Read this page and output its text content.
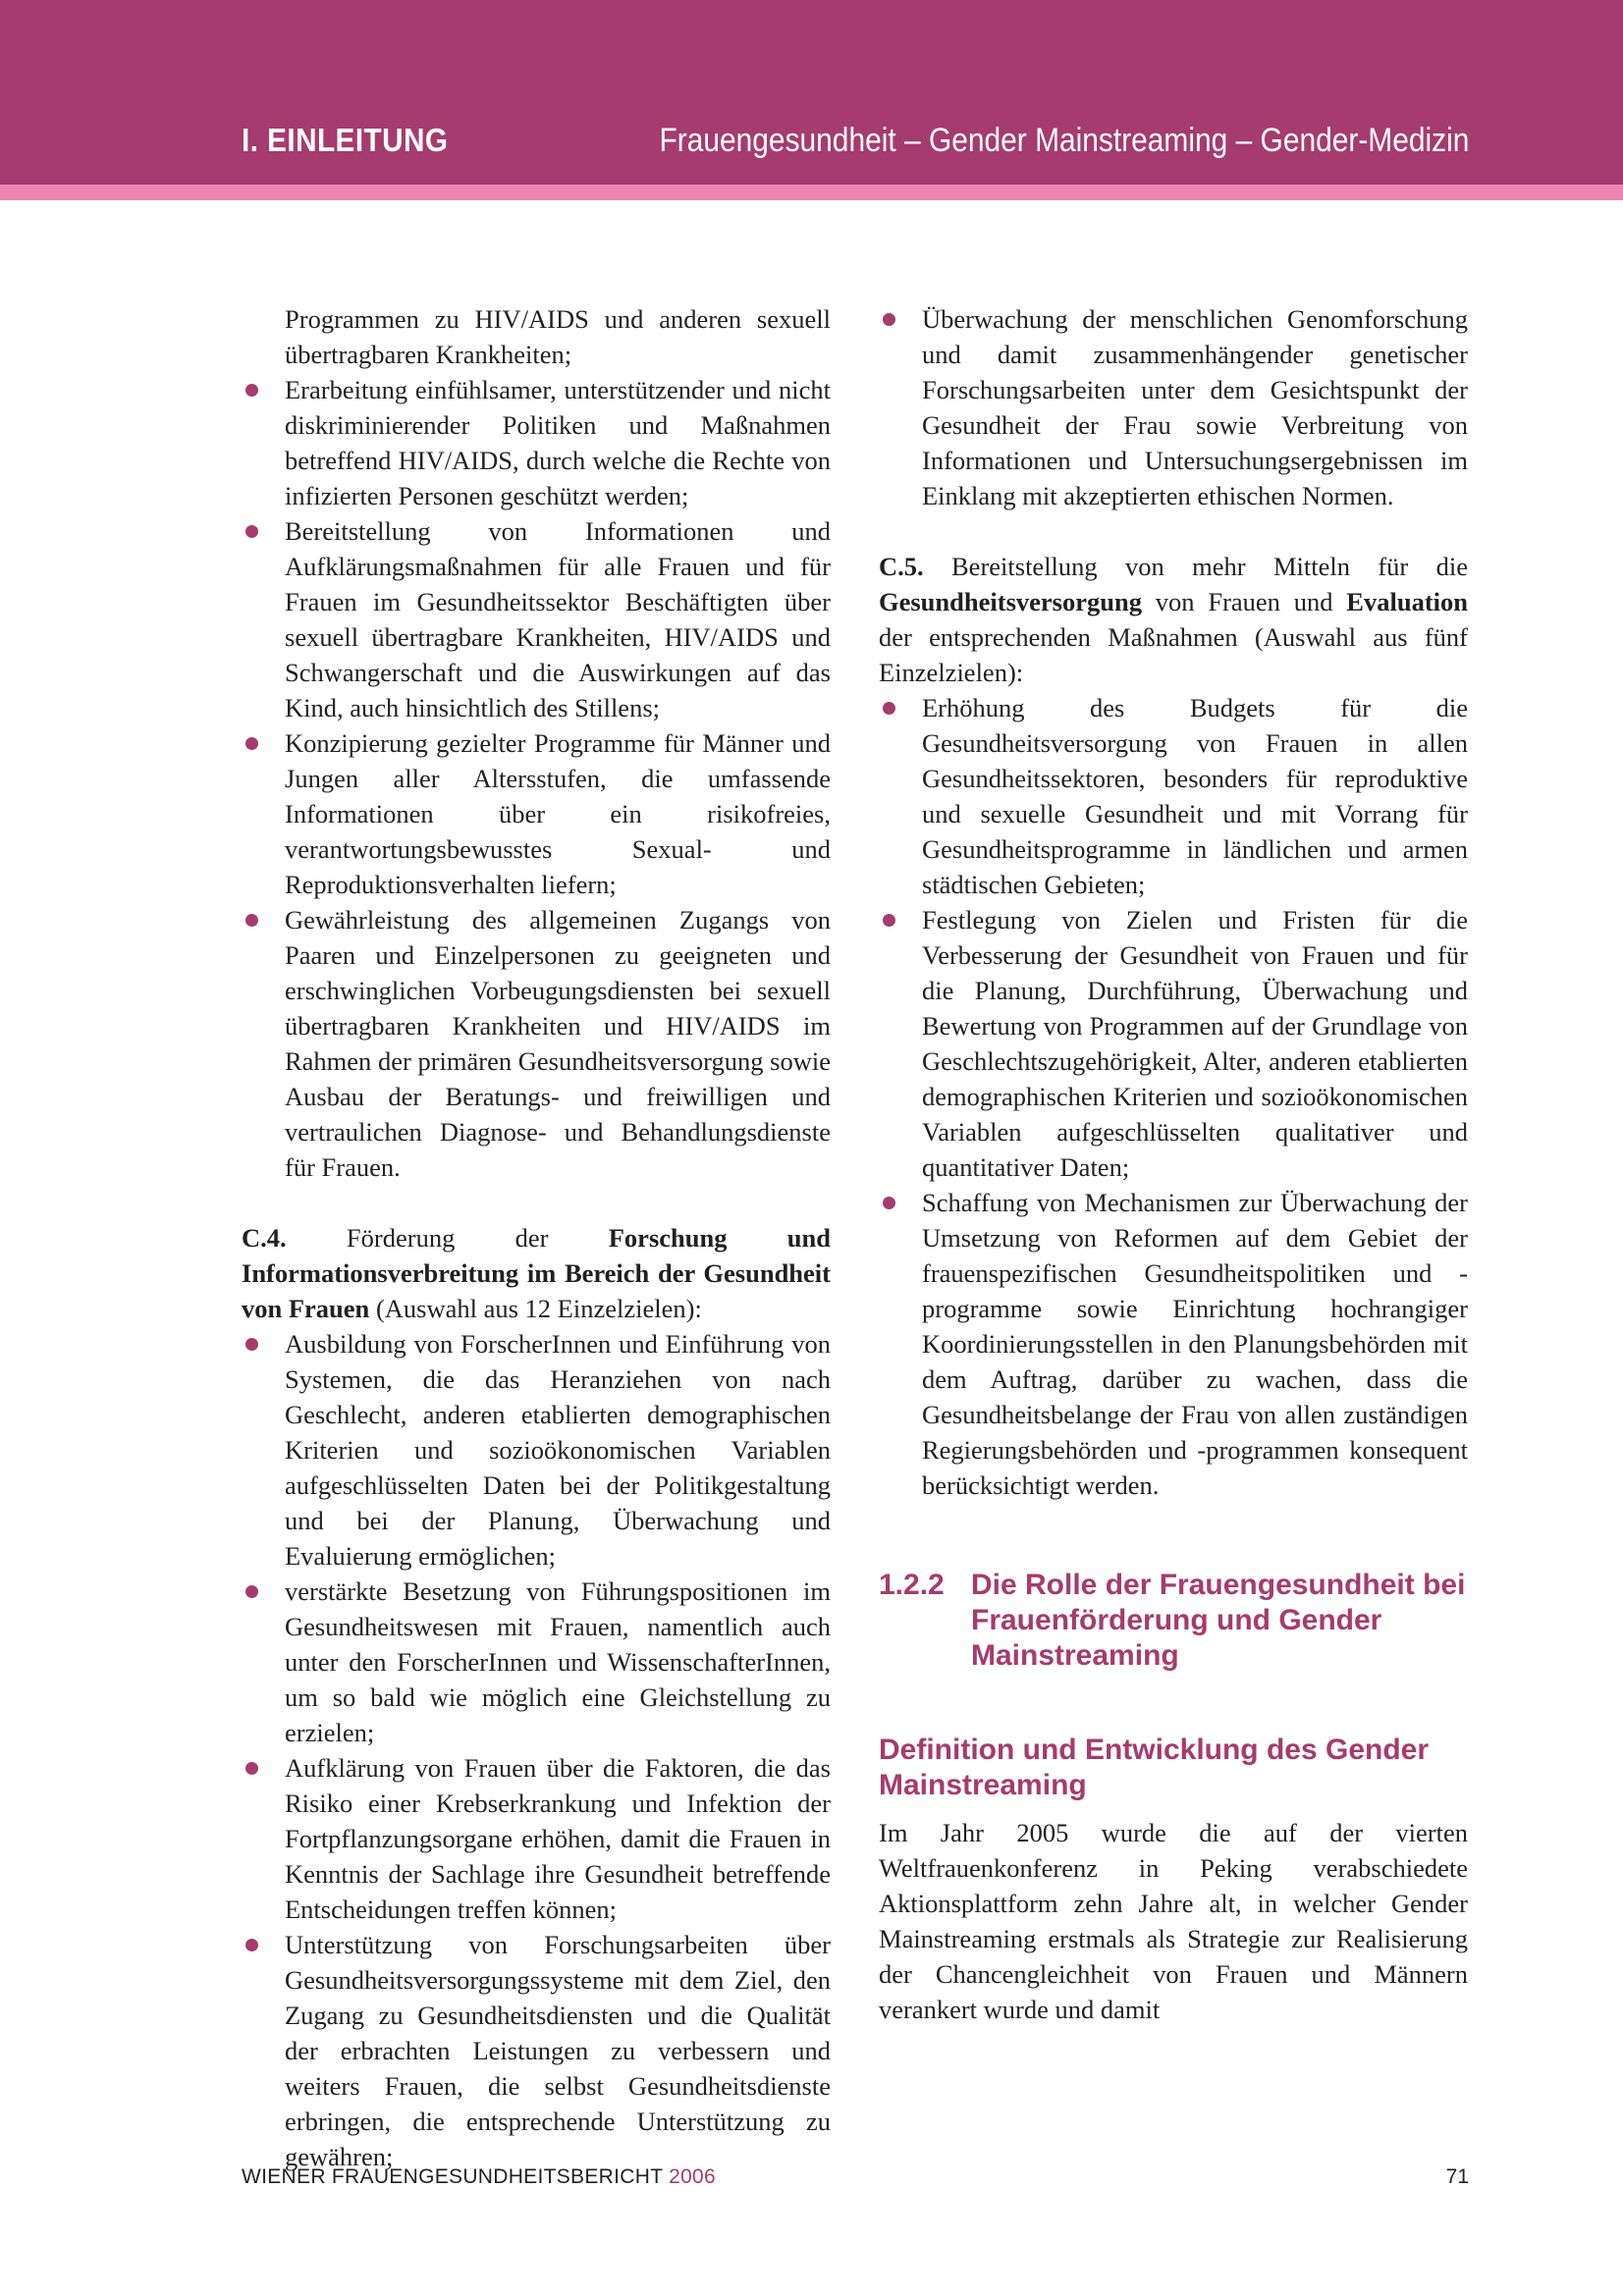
I. EINLEITUNG	Frauengesundheit – Gender Mainstreaming – Gender-Medizin

Programmen zu HIV/AIDS und anderen sexuell übertragbaren Krankheiten;

Erarbeitung einfühlsamer, unterstützender und nicht diskriminierender Politiken und Maßnahmen betreffend HIV/AIDS, durch welche die Rechte von infizierten Personen geschützt werden;
Bereitstellung von Informationen und Aufklärungsmaßnahmen für alle Frauen und für Frauen im Gesundheitssektor Beschäftigten über sexuell übertragbare Krankheiten, HIV/AIDS und Schwangerschaft und die Auswirkungen auf das Kind, auch hinsichtlich des Stillens;
Konzipierung gezielter Programme für Männer und Jungen aller Altersstufen, die umfassende Informationen über ein risikofreies, verantwortungsbewusstes Sexual- und Reproduktionsverhalten liefern;
Gewährleistung des allgemeinen Zugangs von Paaren und Einzelpersonen zu geeigneten und erschwinglichen Vorbeugungsdiensten bei sexuell übertragbaren Krankheiten und HIV/AIDS im Rahmen der primären Gesundheitsversorgung sowie Ausbau der Beratungs- und freiwilligen und vertraulichen Diagnose- und Behandlungsdienste für Frauen.

C.4. Förderung der Forschung und Informationsverbreitung im Bereich der Gesundheit von Frauen (Auswahl aus 12 Einzelzielen):

Ausbildung von ForscherInnen und Einführung von Systemen, die das Heranziehen von nach Geschlecht, anderen etablierten demographischen Kriterien und sozioökonomischen Variablen aufgeschlüsselten Daten bei der Politikgestaltung und bei der Planung, Überwachung und Evaluierung ermöglichen;
verstärkte Besetzung von Führungspositionen im Gesundheitswesen mit Frauen, namentlich auch unter den ForscherInnen und WissenschafterInnen, um so bald wie möglich eine Gleichstellung zu erzielen;
Aufklärung von Frauen über die Faktoren, die das Risiko einer Krebserkrankung und Infektion der Fortpflanzungsorgane erhöhen, damit die Frauen in Kenntnis der Sachlage ihre Gesundheit betreffende Entscheidungen treffen können;
Unterstützung von Forschungsarbeiten über Gesundheitsversorgungssysteme mit dem Ziel, den Zugang zu Gesundheitsdiensten und die Qualität der erbrachten Leistungen zu verbessern und weiters Frauen, die selbst Gesundheitsdienste erbringen, die entsprechende Unterstützung zu gewähren;
Überwachung der menschlichen Genomforschung und damit zusammenhängender genetischer Forschungsarbeiten unter dem Gesichtspunkt der Gesundheit der Frau sowie Verbreitung von Informationen und Untersuchungsergebnissen im Einklang mit akzeptierten ethischen Normen.

C.5. Bereitstellung von mehr Mitteln für die Gesundheitsversorgung von Frauen und Evaluation der entsprechenden Maßnahmen (Auswahl aus fünf Einzelzielen):

Erhöhung des Budgets für die Gesundheitsversorgung von Frauen in allen Gesundheitssektoren, besonders für reproduktive und sexuelle Gesundheit und mit Vorrang für Gesundheitsprogramme in ländlichen und armen städtischen Gebieten;
Festlegung von Zielen und Fristen für die Verbesserung der Gesundheit von Frauen und für die Planung, Durchführung, Überwachung und Bewertung von Programmen auf der Grundlage von Geschlechtszugehörigkeit, Alter, anderen etablierten demographischen Kriterien und sozioökonomischen Variablen aufgeschlüsselten qualitativer und quantitativer Daten;
Schaffung von Mechanismen zur Überwachung der Umsetzung von Reformen auf dem Gebiet der frauenspezifischen Gesundheitspolitiken und -programme sowie Einrichtung hochrangiger Koordinierungsstellen in den Planungsbehörden mit dem Auftrag, darüber zu wachen, dass die Gesundheitsbelange der Frau von allen zuständigen Regierungsbehörden und -programmen konsequent berücksichtigt werden.
1.2.2 Die Rolle der Frauengesundheit bei Frauenförderung und Gender Mainstreaming
Definition und Entwicklung des Gender Mainstreaming

Im Jahr 2005 wurde die auf der vierten Weltfrauenkonferenz in Peking verabschiedete Aktionsplattform zehn Jahre alt, in welcher Gender Mainstreaming erstmals als Strategie zur Realisierung der Chancengleichheit von Frauen und Männern verankert wurde und damit

WIENER FRAUENGESUNDHEITSBERICHT 2006	71
